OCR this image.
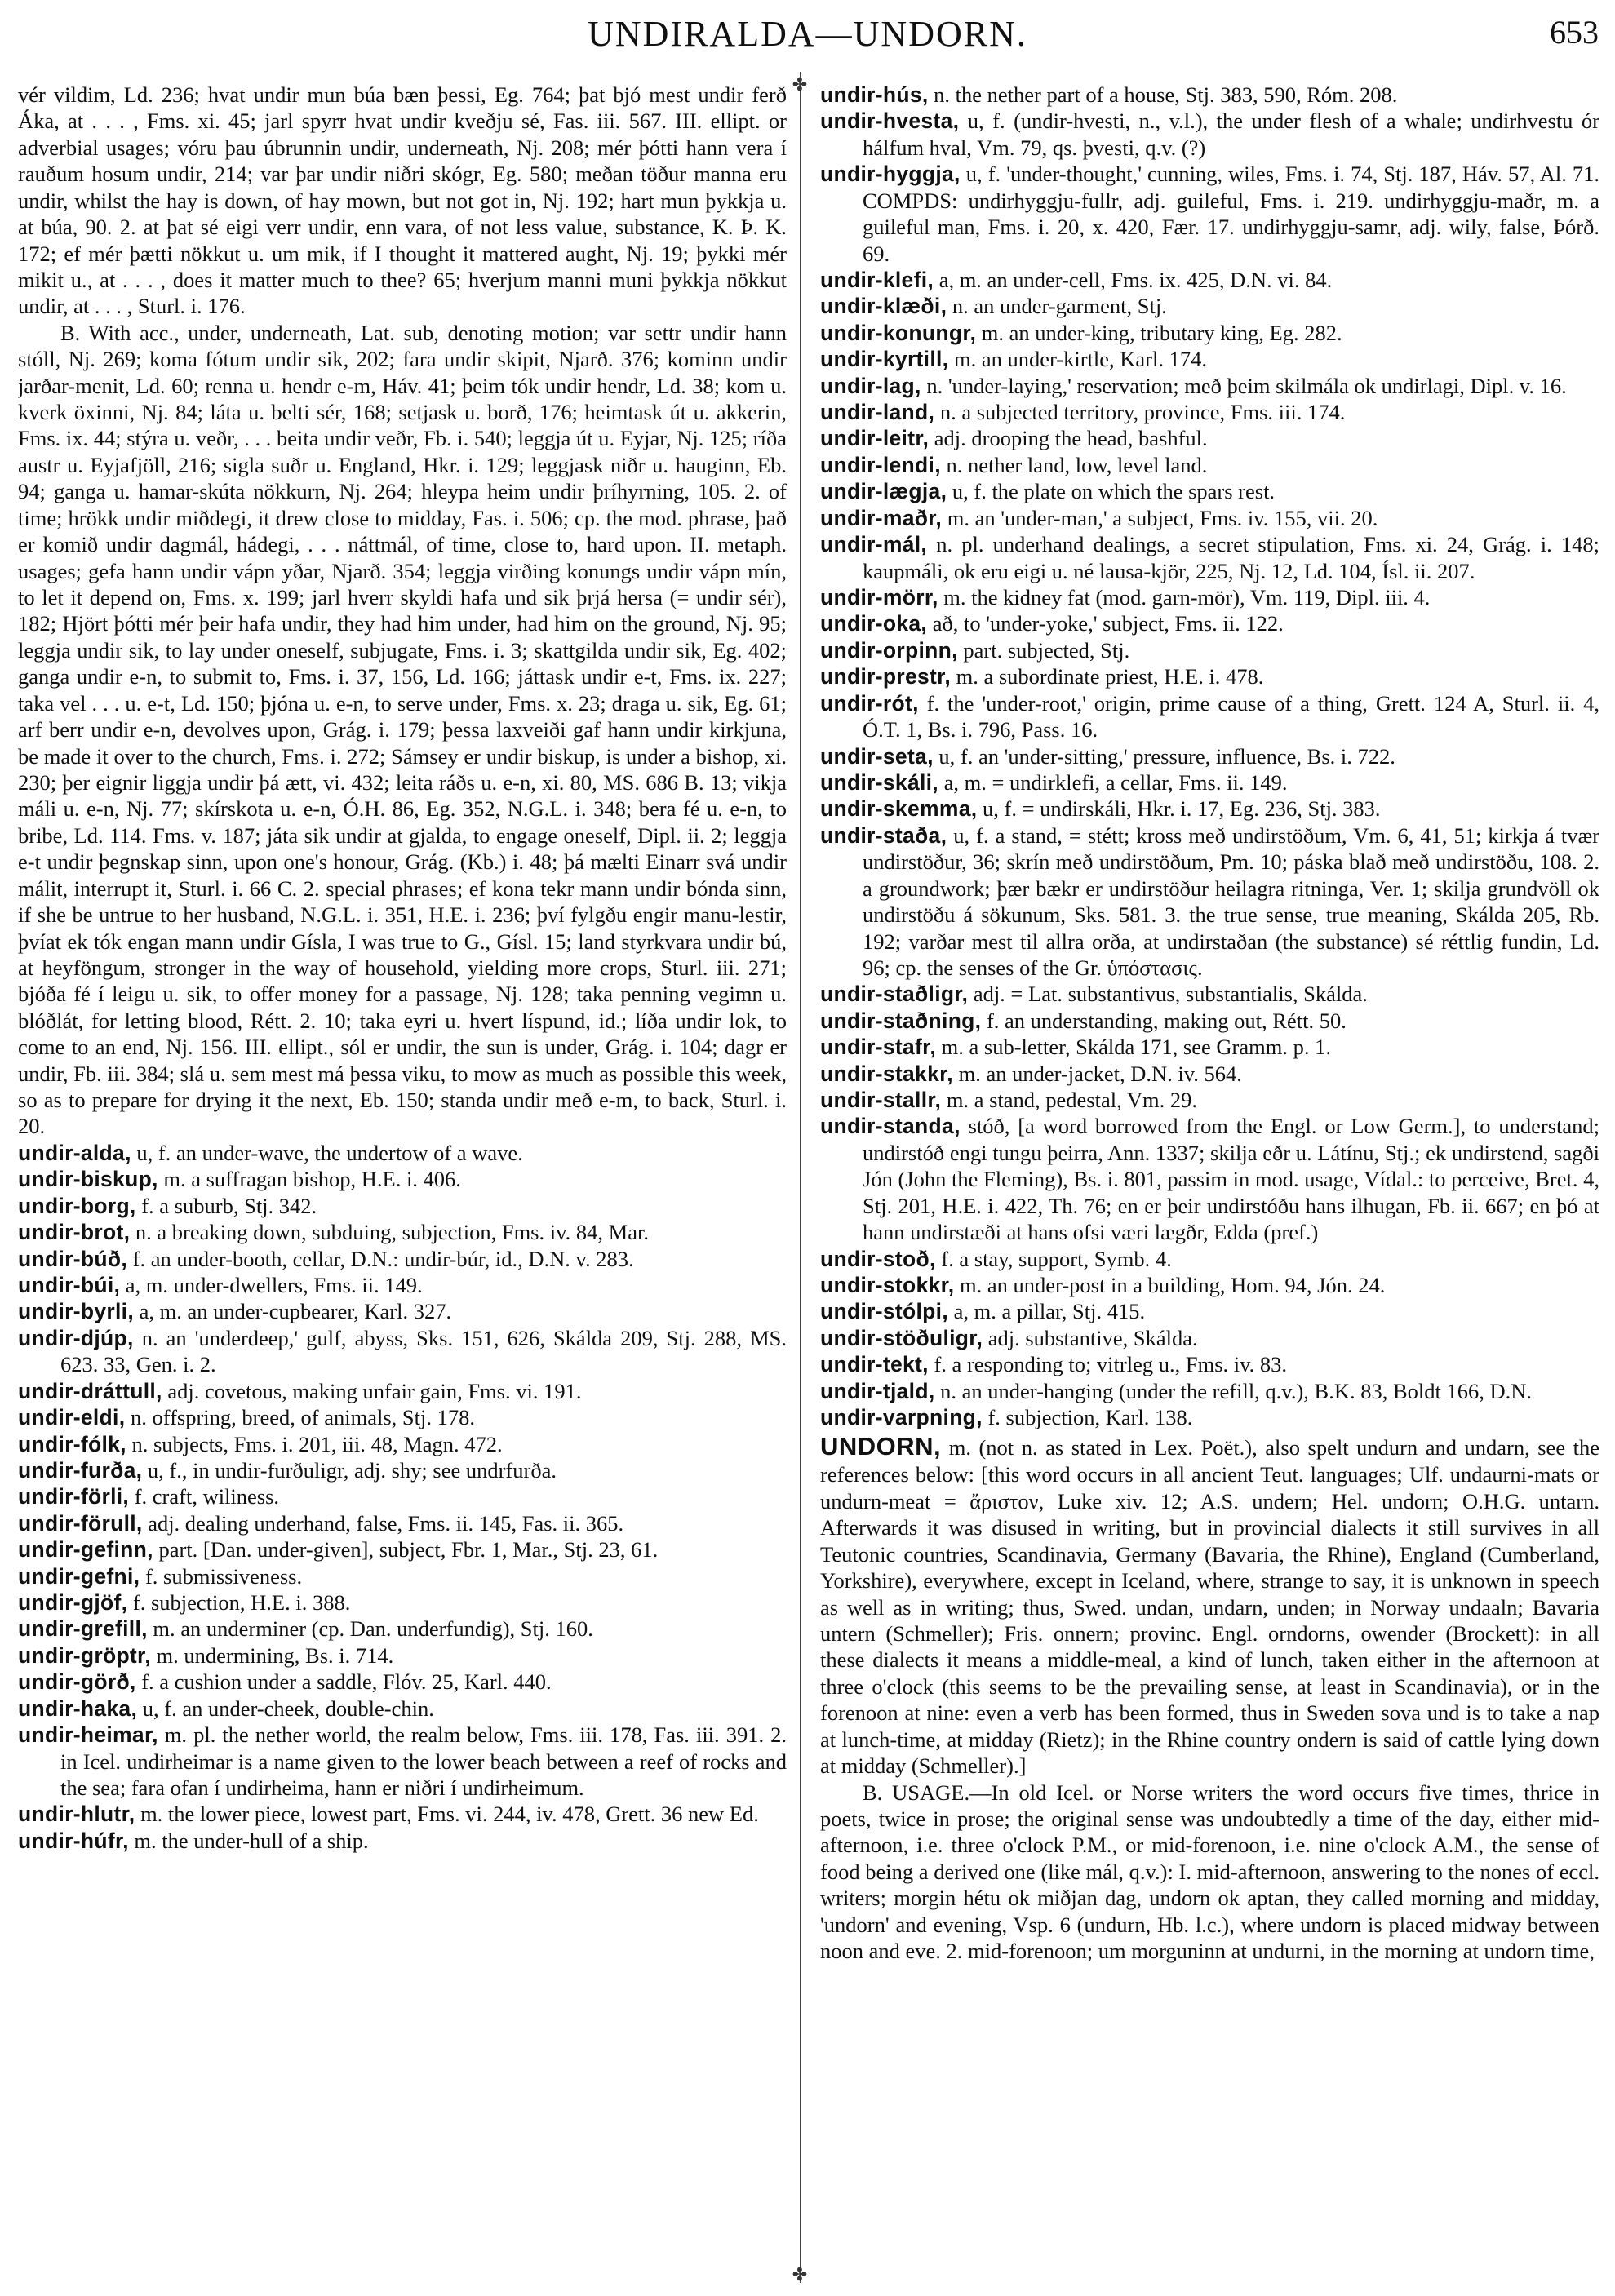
UNDIRALDA—UNDORN.	653
✤
✤

vér vildim, Ld. 236; hvat undir mun búa bæn þessi, Eg. 764; þat bjó mest undir ferð Áka, at . . . , Fms. xi. 45; jarl spyrr hvat undir kveðju sé, Fas. iii. 567. III. ellipt. or adverbial usages; vóru þau úbrunnin undir, underneath, Nj. 208; mér þótti hann vera í rauðum hosum undir, 214; var þar undir niðri skógr, Eg. 580; meðan töður manna eru undir, whilst the hay is down, of hay mown, but not got in, Nj. 192; hart mun þykkja u. at búa, 90. 2. at þat sé eigi verr undir, enn vara, of not less value, substance, K. Þ. K. 172; ef mér þætti nökkut u. um mik, if I thought it mattered aught, Nj. 19; þykki mér mikit u., at . . . , does it matter much to thee? 65; hverjum manni muni þykkja nökkut undir, at . . . , Sturl. i. 176.

B. With acc., under, underneath, Lat. sub, denoting motion; var settr undir hann stóll, Nj. 269; koma fótum undir sik, 202; fara undir skipit, Njarð. 376; kominn undir jarðar-menit, Ld. 60; renna u. hendr e-m, Háv. 41; þeim tók undir hendr, Ld. 38; kom u. kverk öxinni, Nj. 84; láta u. belti sér, 168; setjask u. borð, 176; heimtask út u. akkerin, Fms. ix. 44; stýra u. veðr, . . . beita undir veðr, Fb. i. 540; leggja út u. Eyjar, Nj. 125; ríða austr u. Eyjafjöll, 216; sigla suðr u. England, Hkr. i. 129; leggjask niðr u. hauginn, Eb. 94; ganga u. hamar-skúta nökkurn, Nj. 264; hleypa heim undir þríhyrning, 105. 2. of time; hrökk undir miðdegi, it drew close to midday, Fas. i. 506; cp. the mod. phrase, það er komið undir dagmál, hádegi, . . . náttmál, of time, close to, hard upon. II. metaph. usages; gefa hann undir vápn yðar, Njarð. 354; leggja virðing konungs undir vápn mín, to let it depend on, Fms. x. 199; jarl hverr skyldi hafa und sik þrjá hersa (= undir sér), 182; Hjört þótti mér þeir hafa undir, they had him under, had him on the ground, Nj. 95; leggja undir sik, to lay under oneself, subjugate, Fms. i. 3; skattgilda undir sik, Eg. 402; ganga undir e-n, to submit to, Fms. i. 37, 156, Ld. 166; játtask undir e-t, Fms. ix. 227; taka vel . . . u. e-t, Ld. 150; þjóna u. e-n, to serve under, Fms. x. 23; draga u. sik, Eg. 61; arf berr undir e-n, devolves upon, Grág. i. 179; þessa laxveiði gaf hann undir kirkjuna, be made it over to the church, Fms. i. 272; Sámsey er undir biskup, is under a bishop, xi. 230; þer eignir liggja undir þá ætt, vi. 432; leita ráðs u. e-n, xi. 80, MS. 686 B. 13; vikja máli u. e-n, Nj. 77; skírskota u. e-n, Ó.H. 86, Eg. 352, N.G.L. i. 348; bera fé u. e-n, to bribe, Ld. 114. Fms. v. 187; játa sik undir at gjalda, to engage oneself, Dipl. ii. 2; leggja e-t undir þegnskap sinn, upon one's honour, Grág. (Kb.) i. 48; þá mælti Einarr svá undir málit, interrupt it, Sturl. i. 66 C. 2. special phrases; ef kona tekr mann undir bónda sinn, if she be untrue to her husband, N.G.L. i. 351, H.E. i. 236; því fylgðu engir manu-lestir, þvíat ek tók engan mann undir Gísla, I was true to G., Gísl. 15; land styrkvara undir bú, at heyföngum, stronger in the way of household, yielding more crops, Sturl. iii. 271; bjóða fé í leigu u. sik, to offer money for a passage, Nj. 128; taka penning vegimn u. blóðlát, for letting blood, Rétt. 2. 10; taka eyri u. hvert líspund, id.; líða undir lok, to come to an end, Nj. 156. III. ellipt., sól er undir, the sun is under, Grág. i. 104; dagr er undir, Fb. iii. 384; slá u. sem mest má þessa viku, to mow as much as possible this week, so as to prepare for drying it the next, Eb. 150; standa undir með e-m, to back, Sturl. i. 20.

undir-alda, u, f. an under-wave, the undertow of a wave.

undir-biskup, m. a suffragan bishop, H.E. i. 406.

undir-borg, f. a suburb, Stj. 342.

undir-brot, n. a breaking down, subduing, subjection, Fms. iv. 84, Mar.

undir-búð, f. an under-booth, cellar, D.N.: undir-búr, id., D.N. v. 283.

undir-búi, a, m. under-dwellers, Fms. ii. 149.

undir-byrli, a, m. an under-cupbearer, Karl. 327.

undir-djúp, n. an 'underdeep,' gulf, abyss, Sks. 151, 626, Skálda 209, Stj. 288, MS. 623. 33, Gen. i. 2.

undir-dráttull, adj. covetous, making unfair gain, Fms. vi. 191.

undir-eldi, n. offspring, breed, of animals, Stj. 178.

undir-fólk, n. subjects, Fms. i. 201, iii. 48, Magn. 472.

undir-furða, u, f., in undir-furðuligr, adj. shy; see undrfurða.

undir-förli, f. craft, wiliness.

undir-förull, adj. dealing underhand, false, Fms. ii. 145, Fas. ii. 365.

undir-gefinn, part. [Dan. under-given], subject, Fbr. 1, Mar., Stj. 23, 61.

undir-gefni, f. submissiveness.

undir-gjöf, f. subjection, H.E. i. 388.

undir-grefill, m. an underminer (cp. Dan. underfundig), Stj. 160.

undir-gröptr, m. undermining, Bs. i. 714.

undir-görð, f. a cushion under a saddle, Flóv. 25, Karl. 440.

undir-haka, u, f. an under-cheek, double-chin.

undir-heimar, m. pl. the nether world, the realm below, Fms. iii. 178, Fas. iii. 391. 2. in Icel. undirheimar is a name given to the lower beach between a reef of rocks and the sea; fara ofan í undirheima, hann er niðri í undirheimum.

undir-hlutr, m. the lower piece, lowest part, Fms. vi. 244, iv. 478, Grett. 36 new Ed.

undir-húfr, m. the under-hull of a ship.

undir-hús, n. the nether part of a house, Stj. 383, 590, Róm. 208.

undir-hvesta, u, f. (undir-hvesti, n., v.l.), the under flesh of a whale; undirhvestu ór hálfum hval, Vm. 79, qs. þvesti, q.v. (?)

undir-hyggja, u, f. 'under-thought,' cunning, wiles, Fms. i. 74, Stj. 187, Háv. 57, Al. 71. COMPDS: undirhyggju-fullr, adj. guileful, Fms. i. 219. undirhyggju-maðr, m. a guileful man, Fms. i. 20, x. 420, Fær. 17. undirhyggju-samr, adj. wily, false, Þórð. 69.

undir-klefi, a, m. an under-cell, Fms. ix. 425, D.N. vi. 84.

undir-klæði, n. an under-garment, Stj.

undir-konungr, m. an under-king, tributary king, Eg. 282.

undir-kyrtill, m. an under-kirtle, Karl. 174.

undir-lag, n. 'under-laying,' reservation; með þeim skilmála ok undirlagi, Dipl. v. 16.

undir-land, n. a subjected territory, province, Fms. iii. 174.

undir-leitr, adj. drooping the head, bashful.

undir-lendi, n. nether land, low, level land.

undir-lægja, u, f. the plate on which the spars rest.

undir-maðr, m. an 'under-man,' a subject, Fms. iv. 155, vii. 20.

undir-mál, n. pl. underhand dealings, a secret stipulation, Fms. xi. 24, Grág. i. 148; kaupmáli, ok eru eigi u. né lausa-kjör, 225, Nj. 12, Ld. 104, Ísl. ii. 207.

undir-mörr, m. the kidney fat (mod. garn-mör), Vm. 119, Dipl. iii. 4.

undir-oka, að, to 'under-yoke,' subject, Fms. ii. 122.

undir-orpinn, part. subjected, Stj.

undir-prestr, m. a subordinate priest, H.E. i. 478.

undir-rót, f. the 'under-root,' origin, prime cause of a thing, Grett. 124 A, Sturl. ii. 4, Ó.T. 1, Bs. i. 796, Pass. 16.

undir-seta, u, f. an 'under-sitting,' pressure, influence, Bs. i. 722.

undir-skáli, a, m. = undirklefi, a cellar, Fms. ii. 149.

undir-skemma, u, f. = undirskáli, Hkr. i. 17, Eg. 236, Stj. 383.

undir-staða, u, f. a stand, = stétt; kross með undirstöðum, Vm. 6, 41, 51; kirkja á tvær undirstöður, 36; skrín með undirstöðum, Pm. 10; páska blað með undirstöðu, 108. 2. a groundwork; þær bækr er undirstöður heilagra ritninga, Ver. 1; skilja grundvöll ok undirstöðu á sökunum, Sks. 581. 3. the true sense, true meaning, Skálda 205, Rb. 192; varðar mest til allra orða, at undirstaðan (the substance) sé réttlig fundin, Ld. 96; cp. the senses of the Gr. ὑπόστασις.

undir-staðligr, adj. = Lat. substantivus, substantialis, Skálda.

undir-staðning, f. an understanding, making out, Rétt. 50.

undir-stafr, m. a sub-letter, Skálda 171, see Gramm. p. 1.

undir-stakkr, m. an under-jacket, D.N. iv. 564.

undir-stallr, m. a stand, pedestal, Vm. 29.

undir-standa, stóð, [a word borrowed from the Engl. or Low Germ.], to understand; undirstóð engi tungu þeirra, Ann. 1337; skilja eðr u. Látínu, Stj.; ek undirstend, sagði Jón (John the Fleming), Bs. i. 801, passim in mod. usage, Vídal.: to perceive, Bret. 4, Stj. 201, H.E. i. 422, Th. 76; en er þeir undirstóðu hans ilhugan, Fb. ii. 667; en þó at hann undirstæði at hans ofsi væri lægðr, Edda (pref.)

undir-stoð, f. a stay, support, Symb. 4.

undir-stokkr, m. an under-post in a building, Hom. 94, Jón. 24.

undir-stólpi, a, m. a pillar, Stj. 415.

undir-stöðuligr, adj. substantive, Skálda.

undir-tekt, f. a responding to; vitrleg u., Fms. iv. 83.

undir-tjald, n. an under-hanging (under the refill, q.v.), B.K. 83, Boldt 166, D.N.

undir-varpning, f. subjection, Karl. 138.

UNDORN, m. (not n. as stated in Lex. Poët.), also spelt undurn and undarn, see the references below: [this word occurs in all ancient Teut. languages; Ulf. undaurni-mats or undurn-meat = ἄριστον, Luke xiv. 12; A.S. undern; Hel. undorn; O.H.G. untarn. Afterwards it was disused in writing, but in provincial dialects it still survives in all Teutonic countries, Scandinavia, Germany (Bavaria, the Rhine), England (Cumberland, Yorkshire), everywhere, except in Iceland, where, strange to say, it is unknown in speech as well as in writing; thus, Swed. undan, undarn, unden; in Norway undaaln; Bavaria untern (Schmeller); Fris. onnern; provinc. Engl. orndorns, owender (Brockett): in all these dialects it means a middle-meal, a kind of lunch, taken either in the afternoon at three o'clock (this seems to be the prevailing sense, at least in Scandinavia), or in the forenoon at nine: even a verb has been formed, thus in Sweden sova und is to take a nap at lunch-time, at midday (Rietz); in the Rhine country ondern is said of cattle lying down at midday (Schmeller).]

B. USAGE.—In old Icel. or Norse writers the word occurs five times, thrice in poets, twice in prose; the original sense was undoubtedly a time of the day, either mid-afternoon, i.e. three o'clock P.M., or mid-forenoon, i.e. nine o'clock A.M., the sense of food being a derived one (like mál, q.v.): I. mid-afternoon, answering to the nones of eccl. writers; morgin hétu ok miðjan dag, undorn ok aptan, they called morning and midday, 'undorn' and evening, Vsp. 6 (undurn, Hb. l.c.), where undorn is placed midway between noon and eve. 2. mid-forenoon; um morguninn at undurni, in the morning at undorn time,
